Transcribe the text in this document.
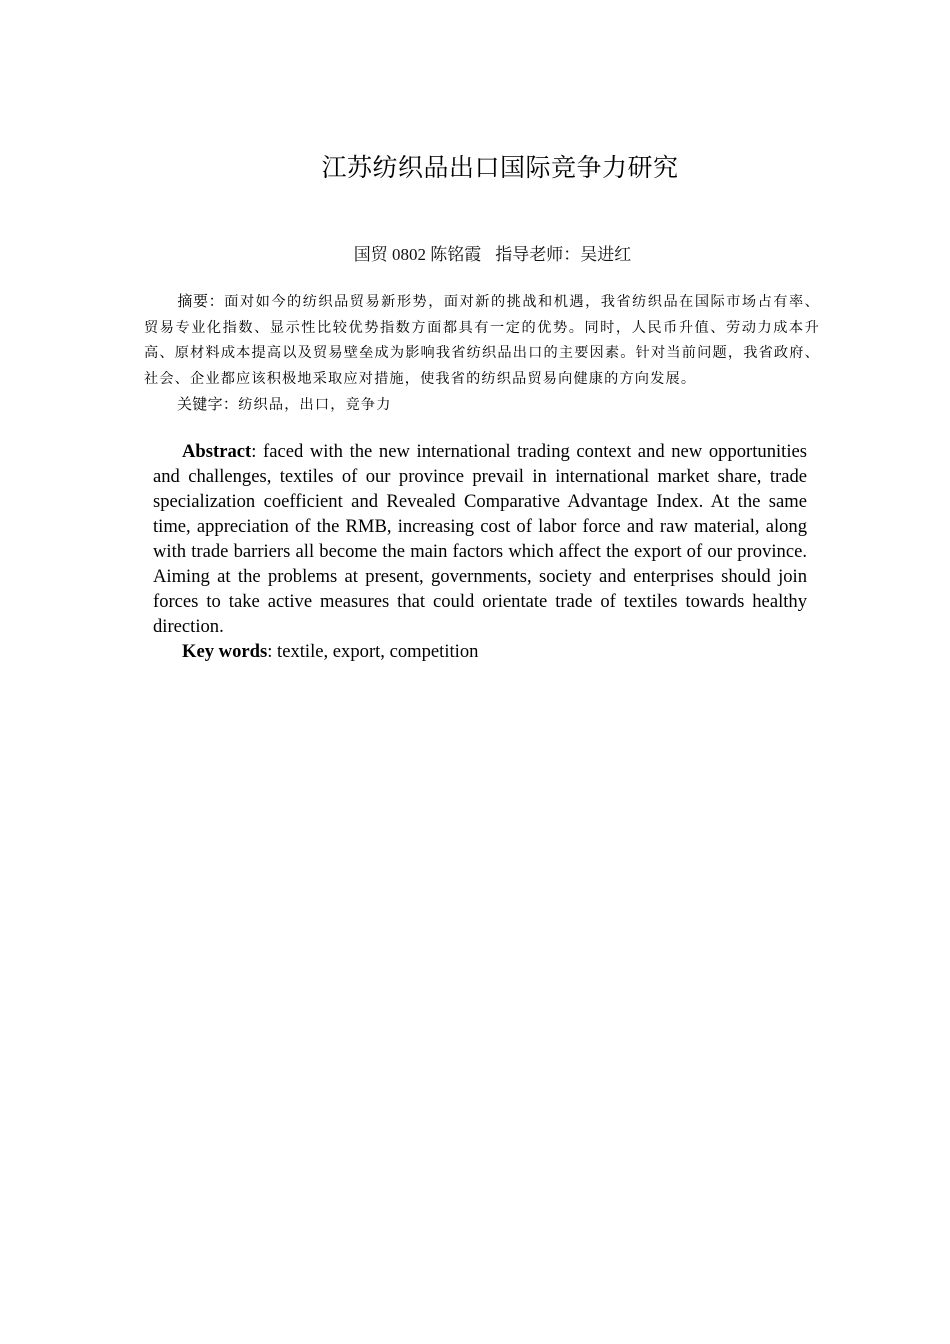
江苏纺织品出口国际竞争力研究
国贸 0802 陈铭霞 指导老师：吴进红

摘要：面对如今的纺织品贸易新形势，面对新的挑战和机遇，我省纺织品在国际市场占有率、贸易专业化指数、显示性比较优势指数方面都具有一定的优势。同时，人民币升值、劳动力成本升高、原材料成本提高以及贸易壁垒成为影响我省纺织品出口的主要因素。针对当前问题，我省政府、社会、企业都应该积极地采取应对措施，使我省的纺织品贸易向健康的方向发展。

关键字：纺织品，出口，竞争力

Abstract: faced with the new international trading context and new opportunities and challenges, textiles of our province prevail in international market share, trade specialization coefficient and Revealed Comparative Advantage Index. At the same time, appreciation of the RMB, increasing cost of labor force and raw material, along with trade barriers all become the main factors which affect the export of our province. Aiming at the problems at present, governments, society and enterprises should join forces to take active measures that could orientate trade of textiles towards healthy direction.

Key words: textile, export, competition
